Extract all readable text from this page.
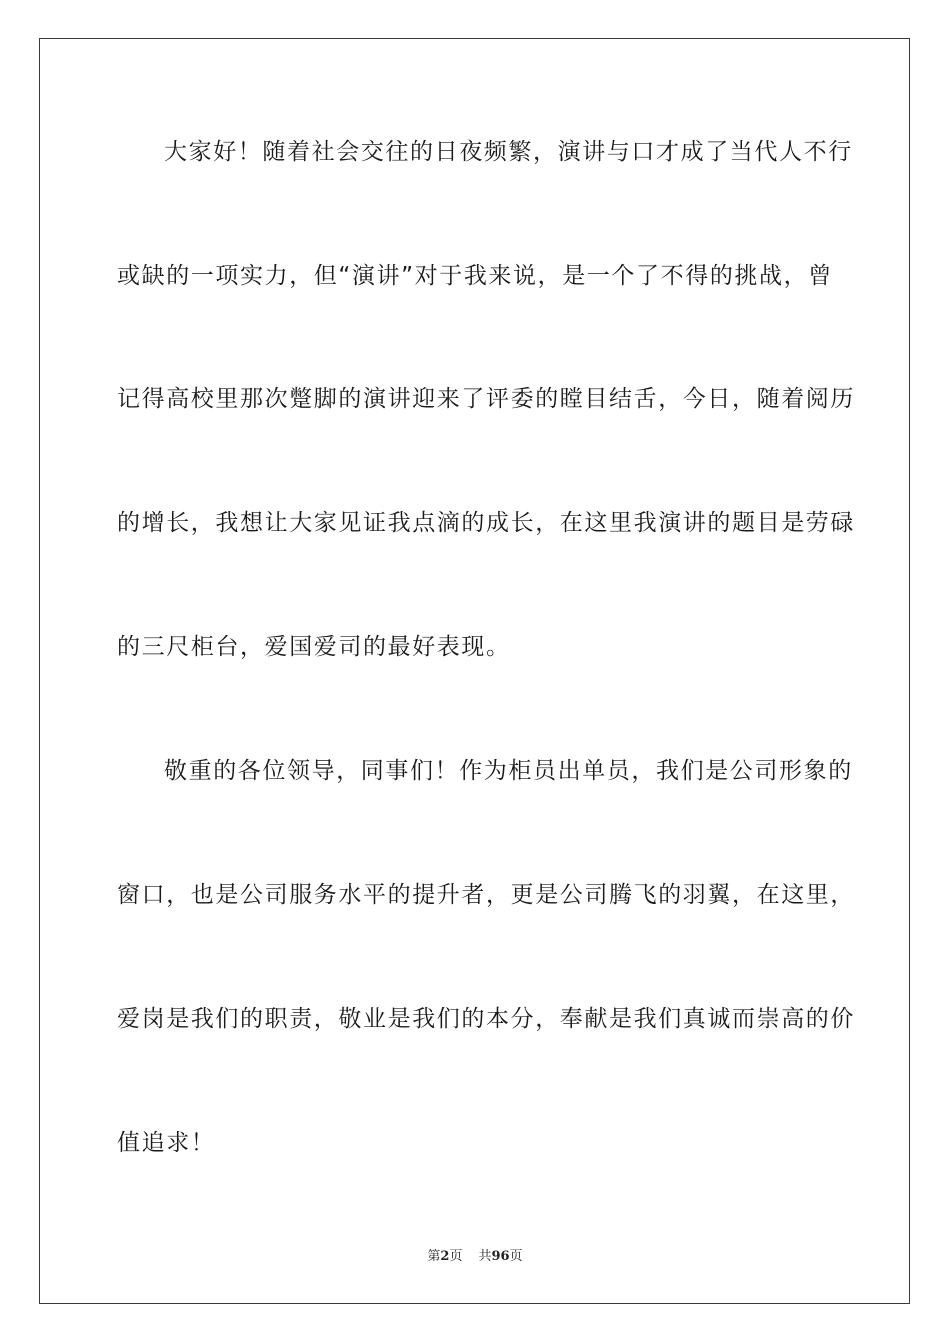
大家好！随着社会交往的日夜频繁，演讲与口才成了当代人不行
或缺的一项实力，但“演讲”对于我来说，是一个了不得的挑战，曾
记得高校里那次蹩脚的演讲迎来了评委的瞠目结舌，今日，随着阅历
的增长，我想让大家见证我点滴的成长，在这里我演讲的题目是劳碌
的三尺柜台，爱国爱司的最好表现。
敬重的各位领导，同事们！作为柜员出单员，我们是公司形象的
窗口，也是公司服务水平的提升者，更是公司腾飞的羽翼，在这里，
爱岗是我们的职责，敬业是我们的本分，奉献是我们真诚而崇高的价
值追求！
第2页 共96页
